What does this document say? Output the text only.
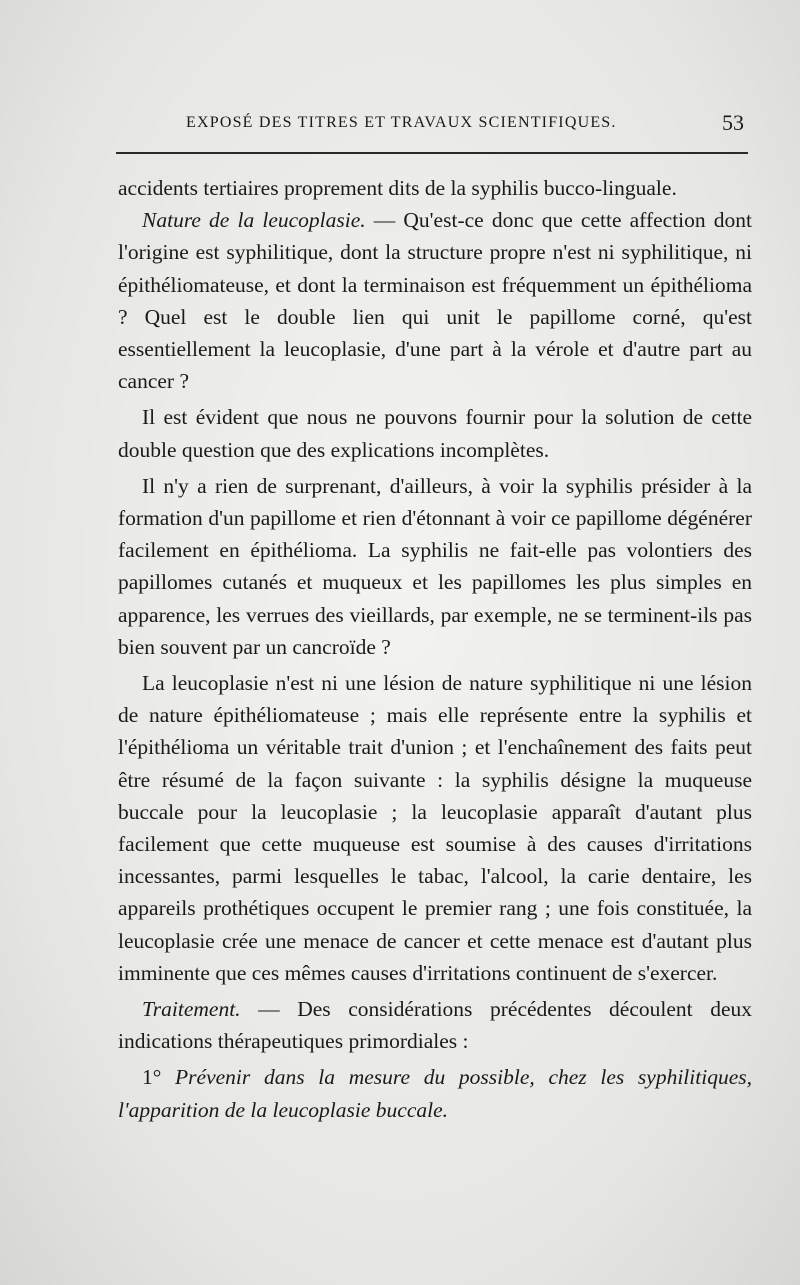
EXPOSÉ DES TITRES ET TRAVAUX SCIENTIFIQUES.	53

accidents tertiaires proprement dits de la syphilis bucco-linguale.

Nature de la leucoplasie. — Qu'est-ce donc que cette affection dont l'origine est syphilitique, dont la structure propre n'est ni syphilitique, ni épithéliomateuse, et dont la terminaison est fréquemment un épithélioma ? Quel est le double lien qui unit le papillome corné, qu'est essentiellement la leucoplasie, d'une part à la vérole et d'autre part au cancer ?

Il est évident que nous ne pouvons fournir pour la solution de cette double question que des explications incomplètes.

Il n'y a rien de surprenant, d'ailleurs, à voir la syphilis présider à la formation d'un papillome et rien d'étonnant à voir ce papillome dégénérer facilement en épithélioma. La syphilis ne fait-elle pas volontiers des papillomes cutanés et muqueux et les papillomes les plus simples en apparence, les verrues des vieillards, par exemple, ne se terminent-ils pas bien souvent par un cancroïde ?

La leucoplasie n'est ni une lésion de nature syphilitique ni une lésion de nature épithéliomateuse ; mais elle représente entre la syphilis et l'épithélioma un véritable trait d'union ; et l'enchaînement des faits peut être résumé de la façon suivante : la syphilis désigne la muqueuse buccale pour la leucoplasie ; la leucoplasie apparaît d'autant plus facilement que cette muqueuse est soumise à des causes d'irritations incessantes, parmi lesquelles le tabac, l'alcool, la carie dentaire, les appareils prothétiques occupent le premier rang ; une fois constituée, la leucoplasie crée une menace de cancer et cette menace est d'autant plus imminente que ces mêmes causes d'irritations continuent de s'exercer.

Traitement. — Des considérations précédentes découlent deux indications thérapeutiques primordiales :

1° Prévenir dans la mesure du possible, chez les syphilitiques, l'apparition de la leucoplasie buccale.
